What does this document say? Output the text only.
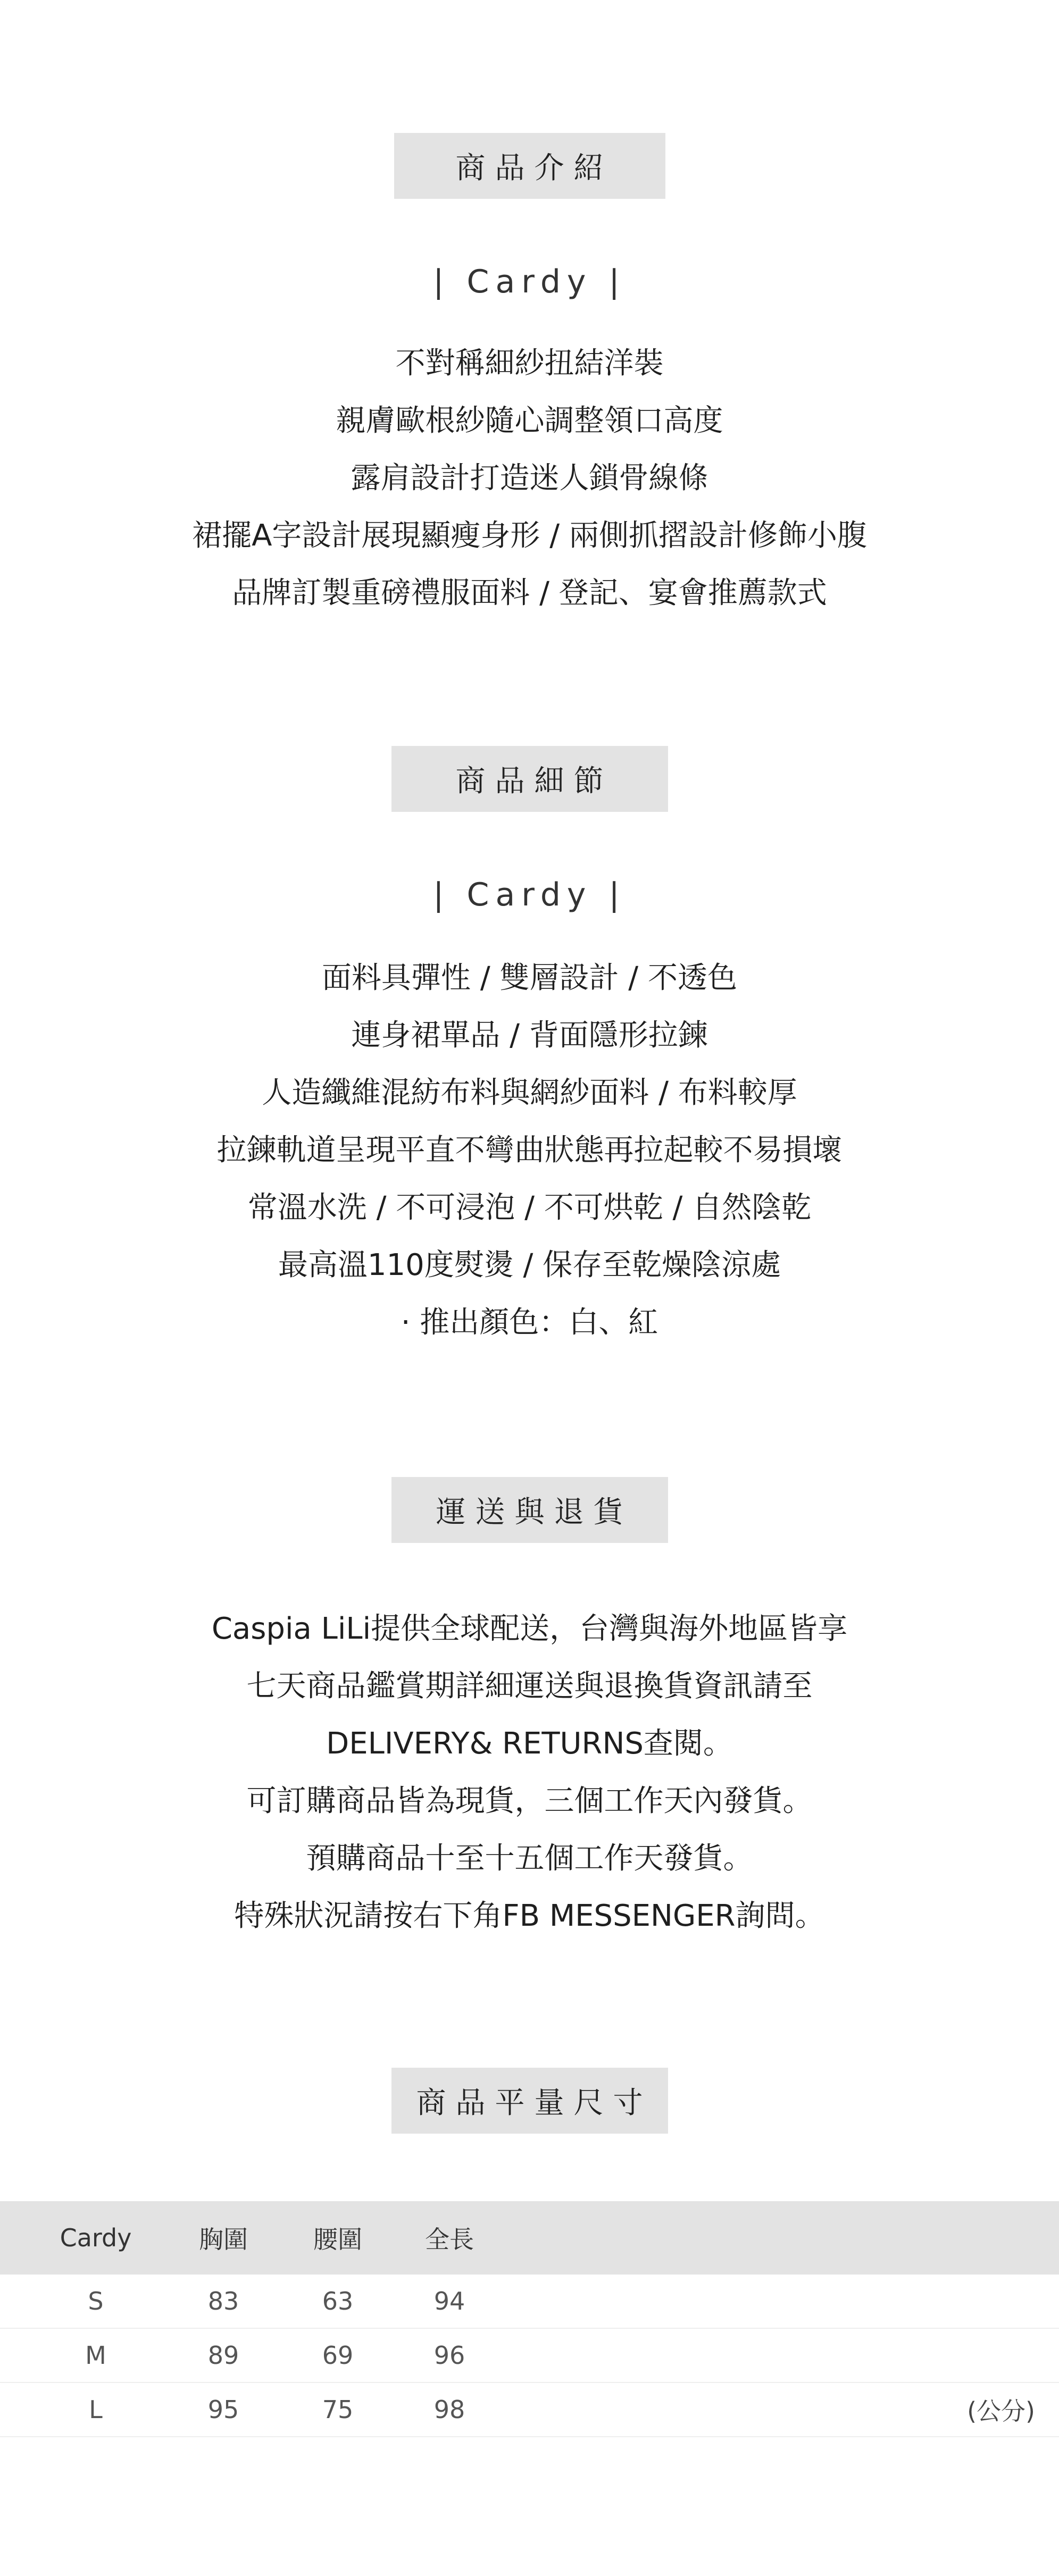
商品介紹
| Cardy |
不對稱細紗扭結洋裝
親膚歐根紗隨心調整領口高度
露肩設計打造迷人鎖骨線條
裙擺A字設計展現顯瘦身形 / 兩側抓摺設計修飾小腹
品牌訂製重磅禮服面料 / 登記、宴會推薦款式
商品細節
| Cardy |
面料具彈性 / 雙層設計 / 不透色
連身裙單品 / 背面隱形拉鍊
人造纖維混紡布料與網紗面料 / 布料較厚
拉鍊軌道呈現平直不彎曲狀態再拉起較不易損壞
常溫水洗 / 不可浸泡 / 不可烘乾 / 自然陰乾
最高溫110度熨燙 / 保存至乾燥陰涼處
· 推出顏色：白、紅
運送與退貨
Caspia LiLi提供全球配送，台灣與海外地區皆享
七天商品鑑賞期詳細運送與退換貨資訊請至
DELIVERY& RETURNS查閱。
可訂購商品皆為現貨，三個工作天內發貨。
預購商品十至十五個工作天發貨。
特殊狀況請按右下角FB MESSENGER詢問。
商品平量尺寸
Cardy	胸圍	腰圍	全長
S	83	63	94
M	89	69	96
L	95	75	98	(公分)
